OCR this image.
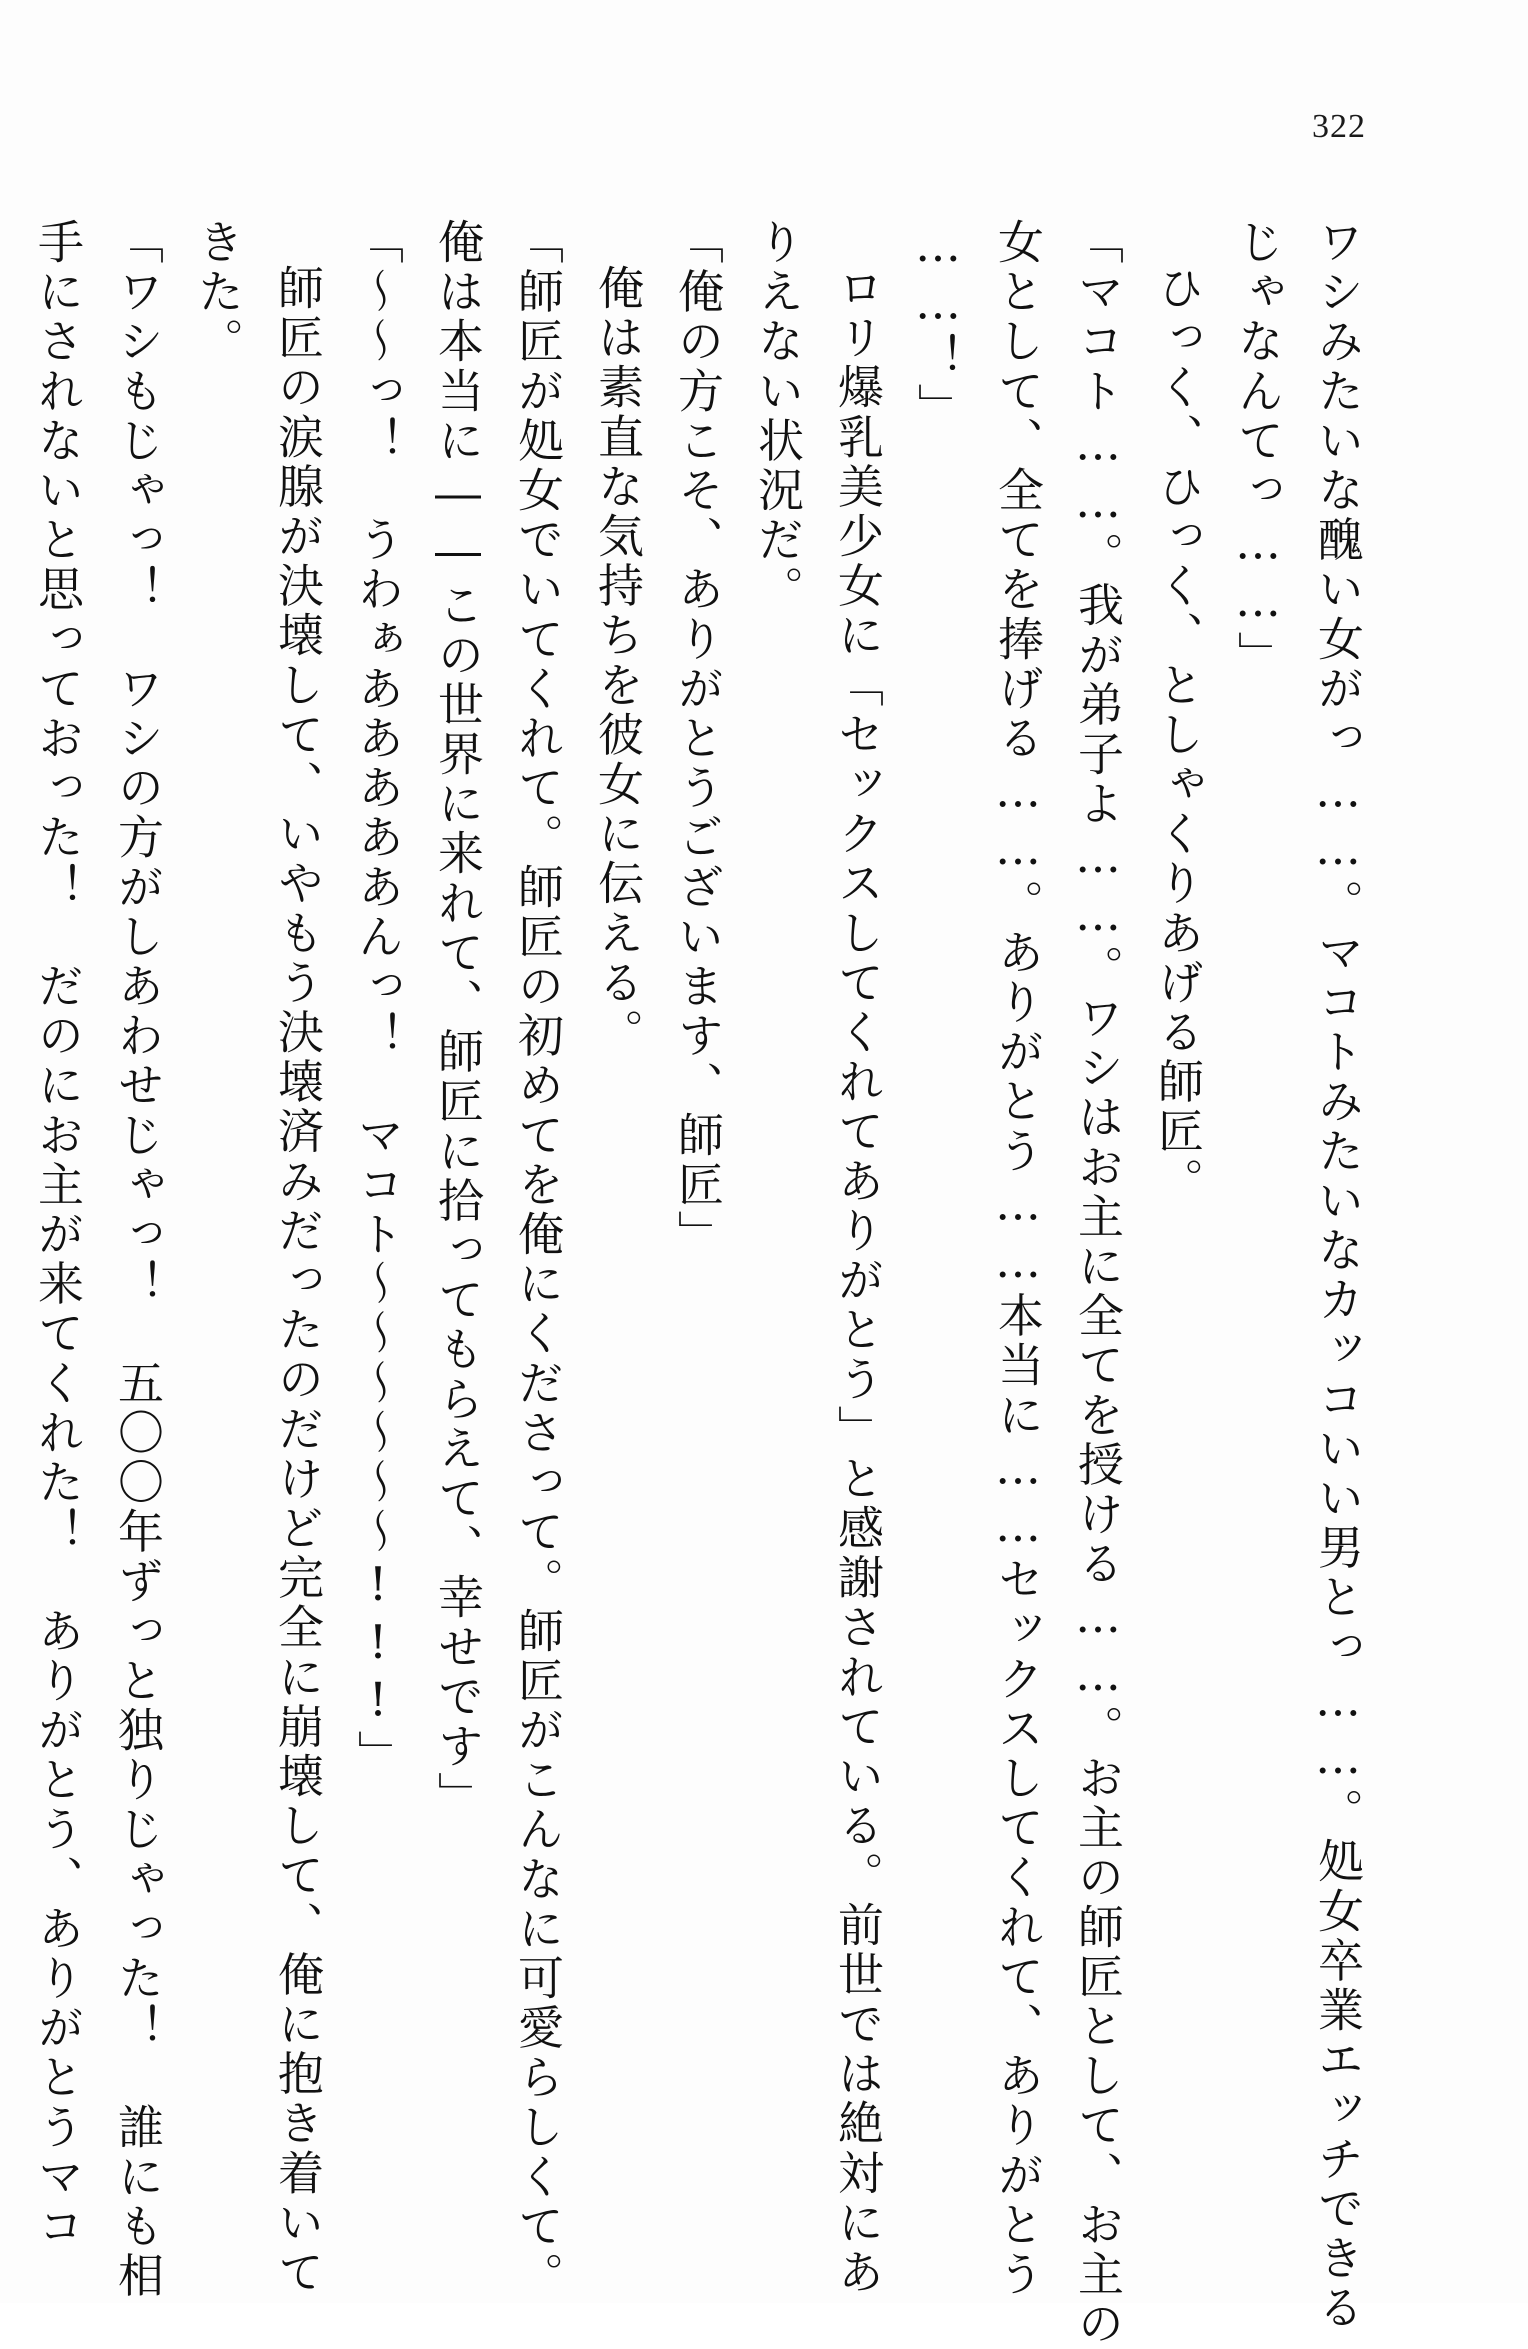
322
ワシみたいな醜い女がっ……。マコトみたいなカッコいい男とっ……。処女卒業エッチできる
じゃなんてっ……」
ひっく、ひっく、としゃくりあげる師匠。
「マコト……。我が弟子よ……。ワシはお主に全てを授ける……。お主の師匠として、お主の
女として、全てを捧げる……。ありがとう……本当に……セックスしてくれて、ありがとう
……！」
ロリ爆乳美少女に「セックスしてくれてありがとう」と感謝されている。前世では絶対にあ
りえない状況だ。
「俺の方こそ、ありがとうございます、師匠」
俺は素直な気持ちを彼女に伝える。
「師匠が処女でいてくれて。師匠の初めてを俺にくださって。師匠がこんなに可愛らしくて。
俺は本当に――この世界に来れて、師匠に拾ってもらえて、幸せです」
「～～っ！　うわぁあああああんっ！　マコト～～～～～～!!!」
師匠の涙腺が決壊して、いやもう決壊済みだったのだけど完全に崩壊して、俺に抱き着いて
きた。
「ワシもじゃっ！　ワシの方がしあわせじゃっ！　五〇〇年ずっと独りじゃった！　誰にも相
手にされないと思っておった！　だのにお主が来てくれた！　ありがとう、ありがとうマコ
